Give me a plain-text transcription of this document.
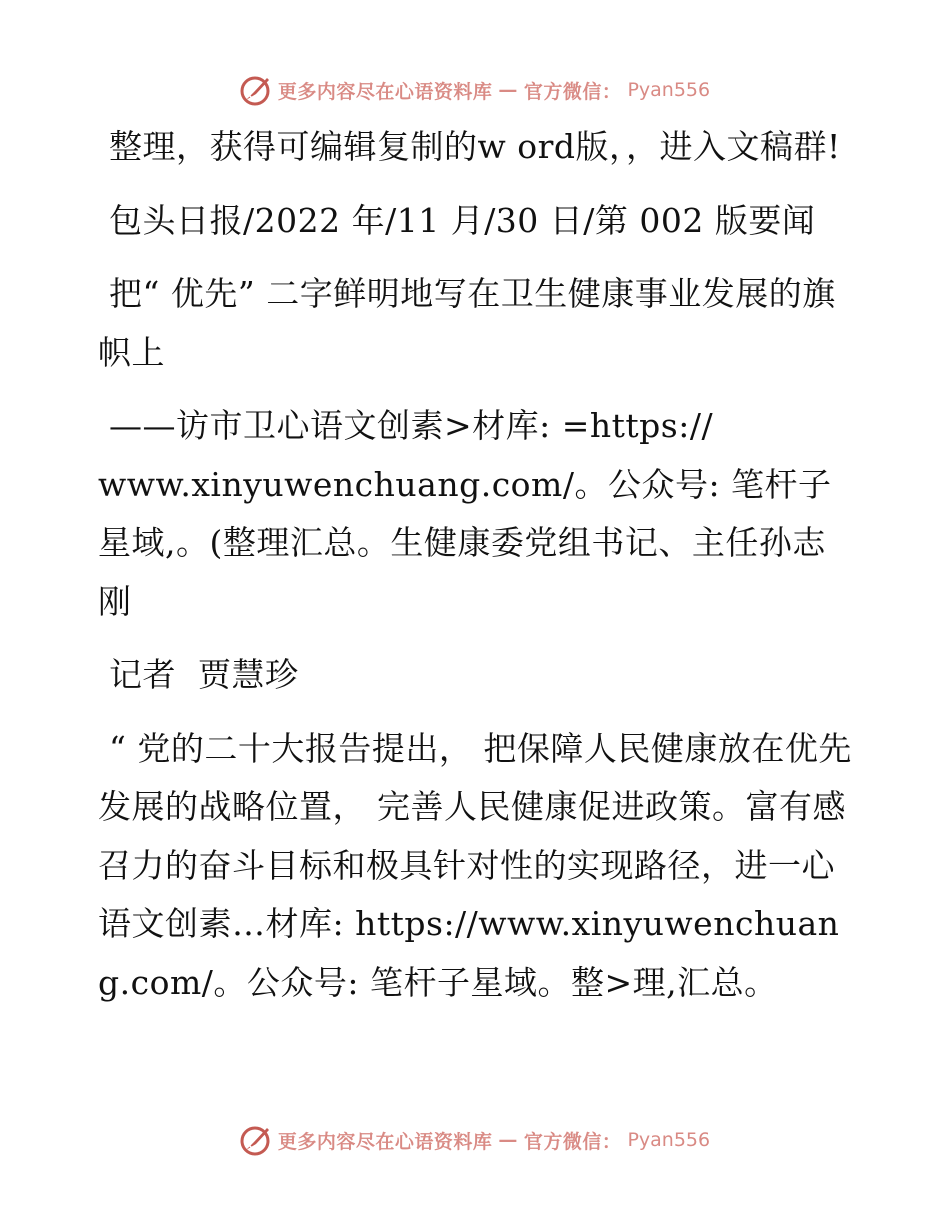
更多内容尽在心语资料库 — 官方微信： Pyan556

整理，获得可编辑复制的w ord版，，进入文稿群!

包头日报/2022 年/11 月/30 日/第 002 版要闻

把“ 优先” 二字鲜明地写在卫生健康事业发展的旗帜上

——访市卫心语文创素>材库: =https://

www.xinyuwenchuang.com/。公众号: 笔杆子星域,。(整理汇总。生健康委党组书记、主任孙志刚

记者  贾慧珍

“ 党的二十大报告提出， 把保障人民健康放在优先发展的战略位置， 完善人民健康促进政策。富有感召力的奋斗目标和极具针对性的实现路径，进一心语文创素…材库: https://www.xinyuwenchuang.com/。公众号: 笔杆子星域。整>理,汇总。

更多内容尽在心语资料库 — 官方微信： Pyan556
